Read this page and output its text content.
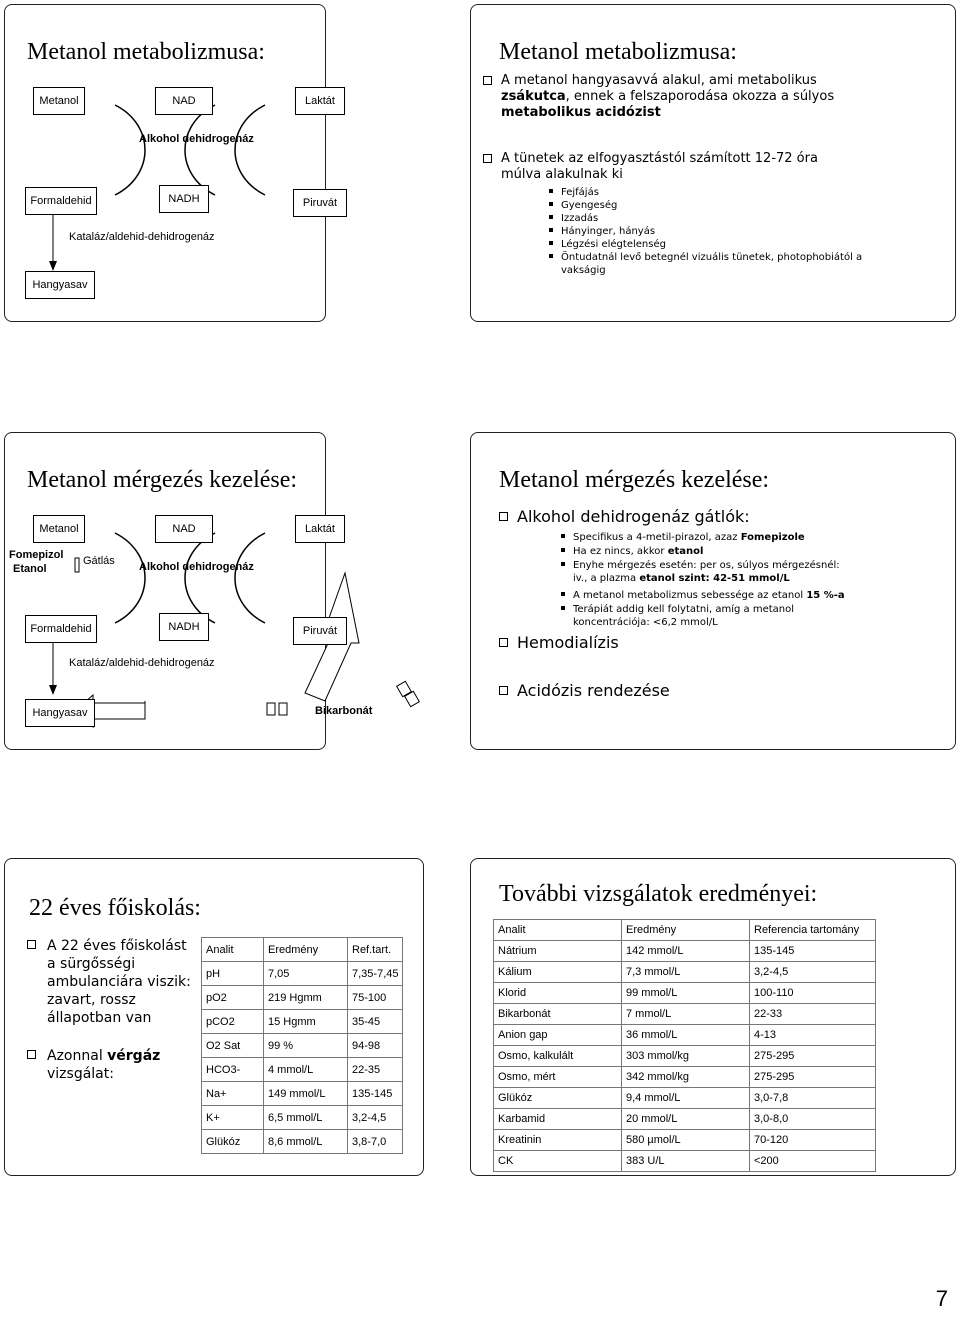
Metanol metabolizmusa:
Metanol	NAD	Laktát
Alkohol dehidrogenáz
Formaldehid	NADH	Piruvát
Kataláz/aldehid-dehidrogenáz
Hangyasav
Metanol metabolizmusa:
A metanol hangyasavvá alakul, ami metabolikus
zsákutca, ennek a felszaporodása okozza a súlyos
metabolikus acidózist
A tünetek az elfogyasztástól számított 12-72 óra
múlva alakulnak ki
Fejfájás
Gyengeség
Izzadás
Hányinger, hányás
Légzési elégtelenség
Öntudatnál levő betegnél vizuális tünetek, photophobiától a
vakságig
Metanol mérgezés kezelése:
Metanol	NAD	Laktát
Fomepizol
Etanol
Gátlás Alkohol dehidrogenáz
Formaldehid	NADH	Piruvát
Kataláz/aldehid-dehidrogenáz
Hangyasav	Bikarbonát
Metanol mérgezés kezelése:
Alkohol dehidrogenáz gátlók:
Specifikus a 4-metil-pirazol, azaz Fomepizole
Ha ez nincs, akkor etanol
Enyhe mérgezés esetén: per os, súlyos mérgezésnél:
iv., a plazma etanol szint: 42-51 mmol/L
A metanol metabolizmus sebessége az etanol 15 %-a
Terápiát addig kell folytatni, amíg a metanol
koncentrációja: <6,2 mmol/L
Hemodialízis
Acidózis rendezése
22 éves főiskolás:
A 22 éves főiskolást
a sürgősségi
ambulanciára viszik:
zavart, rossz
állapotban van
Azonnal vérgáz
vizsgálat:
Analit	Eredmény	Ref.tart.
pH	7,05	7,35-7,45
pO2	219 Hgmm	75-100
pCO2	15 Hgmm	35-45
O2 Sat	99 %	94-98
HCO3-	4 mmol/L	22-35
Na+	149 mmol/L	135-145
K+	6,5 mmol/L	3,2-4,5
Glükóz	8,6 mmol/L	3,8-7,0
További vizsgálatok eredményei:
Analit	Eredmény	Referencia tartomány
Nátrium	142 mmol/L	135-145
Kálium	7,3 mmol/L	3,2-4,5
Klorid	99 mmol/L	100-110
Bikarbonát	7 mmol/L	22-33
Anion gap	36 mmol/L	4-13
Osmo, kalkulált	303 mmol/kg	275-295
Osmo, mért	342 mmol/kg	275-295
Glükóz	9,4 mmol/L	3,0-7,8
Karbamid	20 mmol/L	3,0-8,0
Kreatinin	580 µmol/L	70-120
CK	383 U/L	<200
7
